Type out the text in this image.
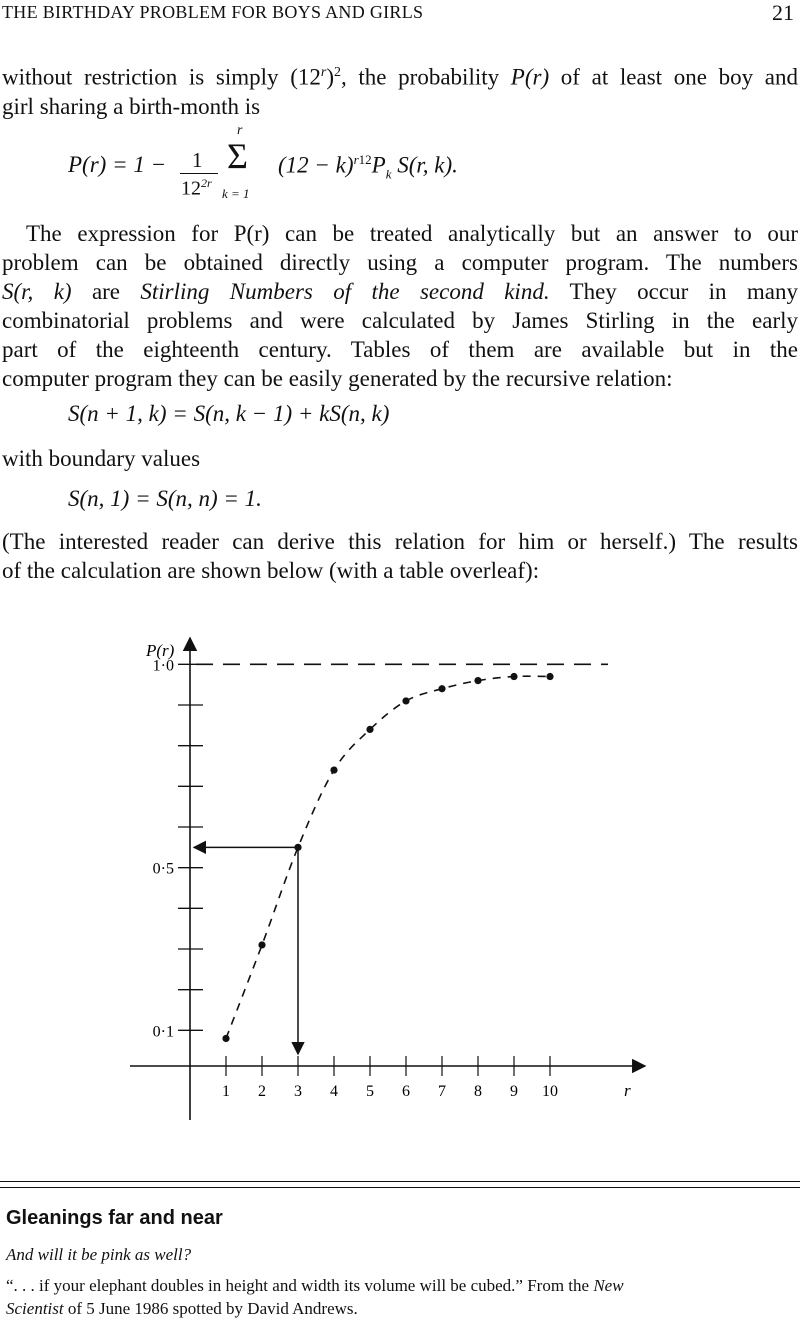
THE BIRTHDAY PROBLEM FOR BOYS AND GIRLS	21
without restriction is simply $(12^r)^2$, the probability P(r) of at least one boy and
girl sharing a birth-month is
P(r) = 1 − 1
$12^{2r}$
r
Σ
k = 1
$(12 - k)^{r12}P_k$ S(r, k).
The expression for P(r) can be treated analytically but an answer to our
problem can be obtained directly using a computer program. The numbers
S(r, k) are Stirling Numbers of the second kind. They occur in many
combinatorial problems and were calculated by James Stirling in the early
part of the eighteenth century. Tables of them are available but in the
computer program they can be easily generated by the recursive relation:
S(n + 1, k) = S(n, k − 1) + kS(n, k)
with boundary values
S(n, 1) = S(n, n) = 1.
(The interested reader can derive this relation for him or herself.) The results
of the calculation are shown below (with a table overleaf):
P(r)
r
1·0
0·5
0·1
1 2 3 4 5 6 7 8 9 10
Gleanings far and near
And will it be pink as well?
“. . . if your elephant doubles in height and width its volume will be cubed.” From the New
Scientist of 5 June 1986 spotted by David Andrews.
